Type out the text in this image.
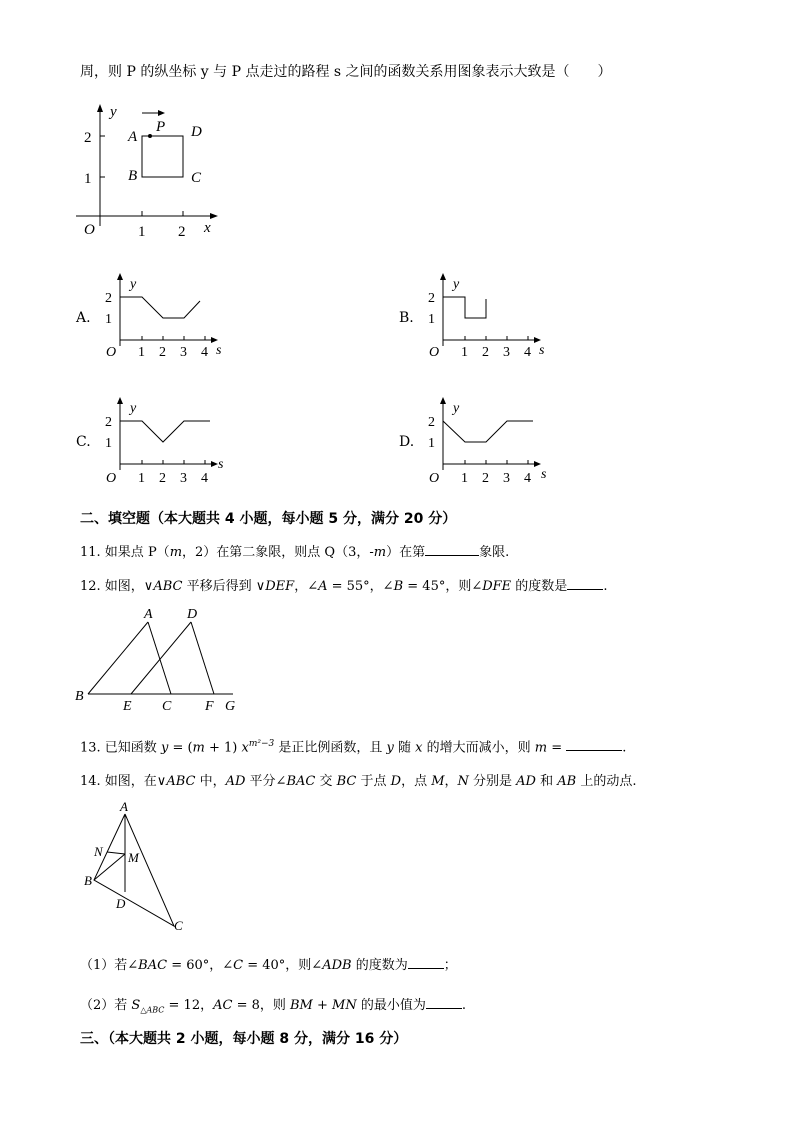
周，则 P 的纵坐标 y 与 P 点走过的路程 s 之间的函数关系用图象表示大致是（　　）
y
x
O	1 2
1
2 A
B	C
D
P
A.
y
2
1
O 1 2 3 4 s
B.
y
2
1
O 1 2 3 4 s
C.
y
2
1
O 1 2 3 4
s
D.
y
2
1
O 1 2 3 4 s
二、填空题（本大题共 4 小题，每小题 5 分，满分 20 分）
11. 如果点 P（m，2）在第二象限，则点 Q（3，-m）在第	象限.
12. 如图，∨ABC 平移后得到 ∨DEF，∠A = 55°，∠B = 45°，则∠DFE 的度数是	.
A D
B
E C F G
13. 已知函数 y = (m + 1) $x^{m^2-3}$ 是正比例函数，且 y 随 x 的增大而减小，则 m =	.
14. 如图，在∨ABC 中，AD 平分∠BAC 交 BC 于点 D，点 M，N 分别是 AD 和 AB 上的动点.
A
N M
B
D
C
（1）若∠BAC = 60°，∠C = 40°，则∠ADB 的度数为	；
（2）若 $S_{\triangle ABC} = 12$，AC = 8，则 BM + MN 的最小值为	.
三、（本大题共 2 小题，每小题 8 分，满分 16 分）
